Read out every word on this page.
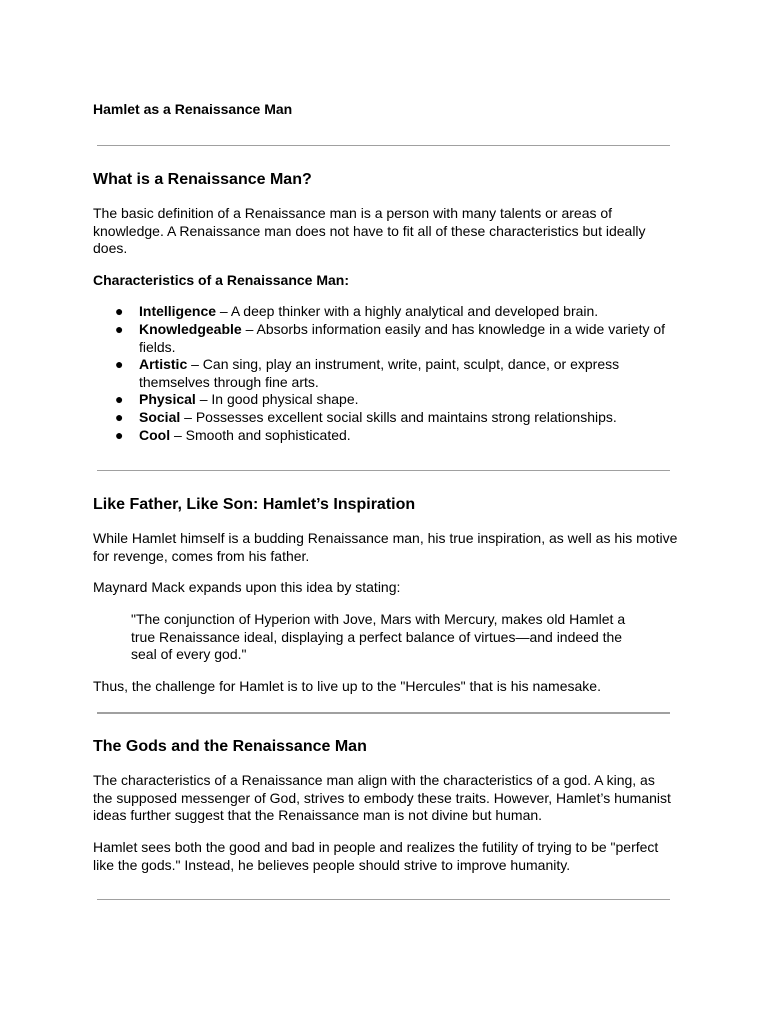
Hamlet as a Renaissance Man
What is a Renaissance Man?

The basic definition of a Renaissance man is a person with many talents or areas of knowledge. A Renaissance man does not have to fit all of these characteristics but ideally does.

Characteristics of a Renaissance Man:

● Intelligence – A deep thinker with a highly analytical and developed brain.
● Knowledgeable – Absorbs information easily and has knowledge in a wide variety of fields.
● Artistic – Can sing, play an instrument, write, paint, sculpt, dance, or express themselves through fine arts.
● Physical – In good physical shape.
● Social – Possesses excellent social skills and maintains strong relationships.
● Cool – Smooth and sophisticated.
Like Father, Like Son: Hamlet’s Inspiration

While Hamlet himself is a budding Renaissance man, his true inspiration, as well as his motive for revenge, comes from his father.

Maynard Mack expands upon this idea by stating:

"The conjunction of Hyperion with Jove, Mars with Mercury, makes old Hamlet a true Renaissance ideal, displaying a perfect balance of virtues—and indeed the seal of every god."

Thus, the challenge for Hamlet is to live up to the "Hercules" that is his namesake.

The Gods and the Renaissance Man

The characteristics of a Renaissance man align with the characteristics of a god. A king, as the supposed messenger of God, strives to embody these traits. However, Hamlet’s humanist ideas further suggest that the Renaissance man is not divine but human.

Hamlet sees both the good and bad in people and realizes the futility of trying to be "perfect like the gods." Instead, he believes people should strive to improve humanity.
